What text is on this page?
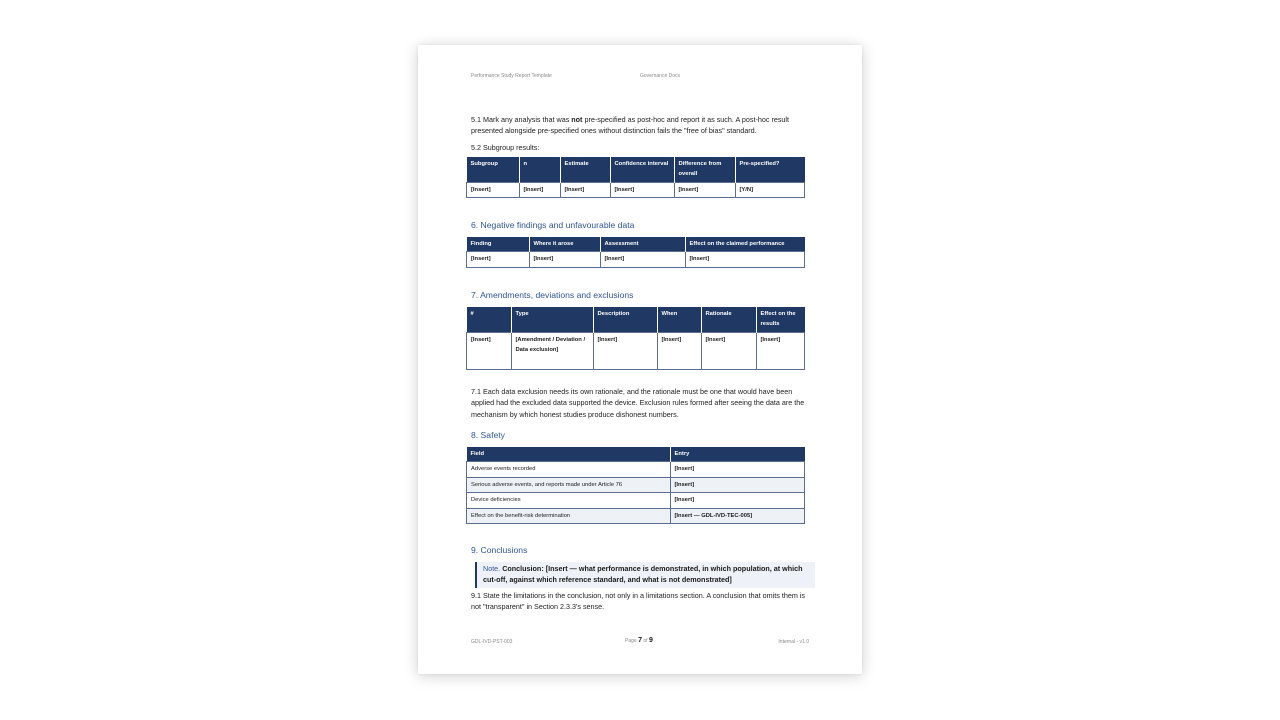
Performance Study Report Template	Governance Docs
5.1 Mark any analysis that was not pre-specified as post-hoc and report it as such. A post-hoc result presented alongside pre-specified ones without distinction fails the "free of bias" standard.
5.2 Subgroup results:
Subgroup	n	Estimate	Confidence interval	Difference from overall	Pre-specified?
[Insert]	[Insert]	[Insert]	[Insert]	[Insert]	[Y/N]
6. Negative findings and unfavourable data
Finding	Where it arose	Assessment	Effect on the claimed performance
[Insert]	[Insert]	[Insert]	[Insert]
7. Amendments, deviations and exclusions
#	Type	Description	When	Rationale	Effect on the results
[Insert]	[Amendment / Deviation / Data exclusion]	[Insert]	[Insert]	[Insert]	[Insert]
7.1 Each data exclusion needs its own rationale, and the rationale must be one that would have been applied had the excluded data supported the device. Exclusion rules formed after seeing the data are the mechanism by which honest studies produce dishonest numbers.
8. Safety
Field	Entry
Adverse events recorded	[Insert]
Serious adverse events, and reports made under Article 76	[Insert]
Device deficiencies	[Insert]
Effect on the benefit-risk determination	[Insert — GDL-IVD-TEC-005]
9. Conclusions
Note. Conclusion: [Insert — what performance is demonstrated, in which population, at which cut-off, against which reference standard, and what is not demonstrated]
9.1 State the limitations in the conclusion, not only in a limitations section. A conclusion that omits them is not "transparent" in Section 2.3.3's sense.
GDL-IVD-PST-003	Page 7 of 9	Internal - v1.0
